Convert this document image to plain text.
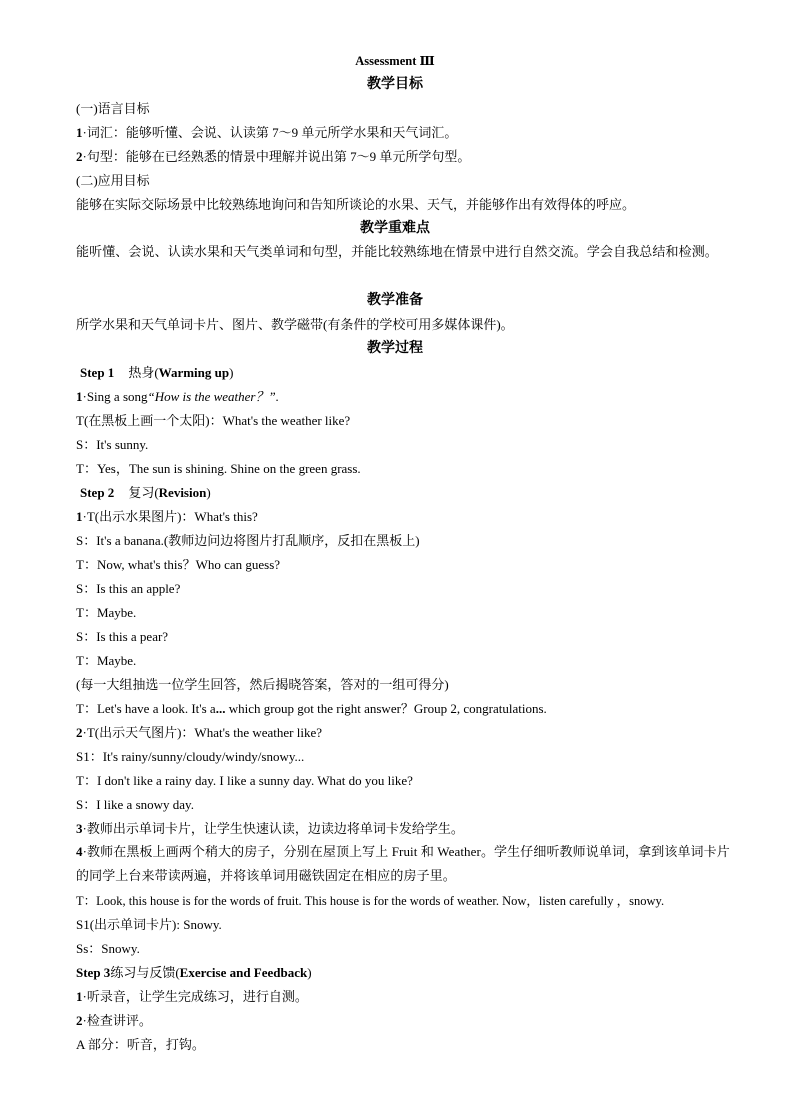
Assessment Ⅲ
教学目标
(一)语言目标
1·词汇：能够听懂、会说、认读第 7～9 单元所学水果和天气词汇。
2·句型：能够在已经熟悉的情景中理解并说出第 7～9 单元所学句型。
(二)应用目标
能够在实际交际场景中比较熟练地询问和告知所谈论的水果、天气，并能够作出有效得体的呼应。
教学重难点
能听懂、会说、认读水果和天气类单词和句型，并能比较熟练地在情景中进行自然交流。学会自我总结和检测。
教学准备
所学水果和天气单词卡片、图片、教学磁带(有条件的学校可用多媒体课件)。
教学过程
Step 1 热身(Warming up)
1·Sing a song“How is the weather？”.
T(在黑板上画一个太阳)：What's the weather like?
S：It's sunny.
T：Yes，The sun is shining. Shine on the green grass.
Step 2 复习(Revision)
1·T(出示水果图片)：What's this?
S：It's a banana.(教师边问边将图片打乱顺序，反扣在黑板上)
T：Now, what's this？Who can guess?
S：Is this an apple?
T：Maybe.
S：Is this a pear?
T：Maybe.
(每一大组抽选一位学生回答，然后揭晓答案，答对的一组可得分)
T：Let's have a look. It's a... which group got the right answer？Group 2, congratulations.
2·T(出示天气图片)：What's the weather like?
S1：It's rainy/sunny/cloudy/windy/snowy...
T：I don't like a rainy day. I like a sunny day. What do you like?
S：I like a snowy day.
3·教师出示单词卡片，让学生快速认读，边读边将单词卡发给学生。
4·教师在黑板上画两个稍大的房子，分别在屋顶上写上 Fruit 和 Weather。学生仔细听教师说单词，拿到该单词卡片的同学上台来带读两遍，并将该单词用磁铁固定在相应的房子里。
T：Look, this house is for the words of fruit. This house is for the words of weather. Now，listen carefully ，snowy.
S1(出示单词卡片): Snowy.
Ss：Snowy.
Step 3练习与反馈(Exercise and Feedback)
1·听录音，让学生完成练习，进行自测。
2·检查讲评。
A 部分：听音，打钩。
